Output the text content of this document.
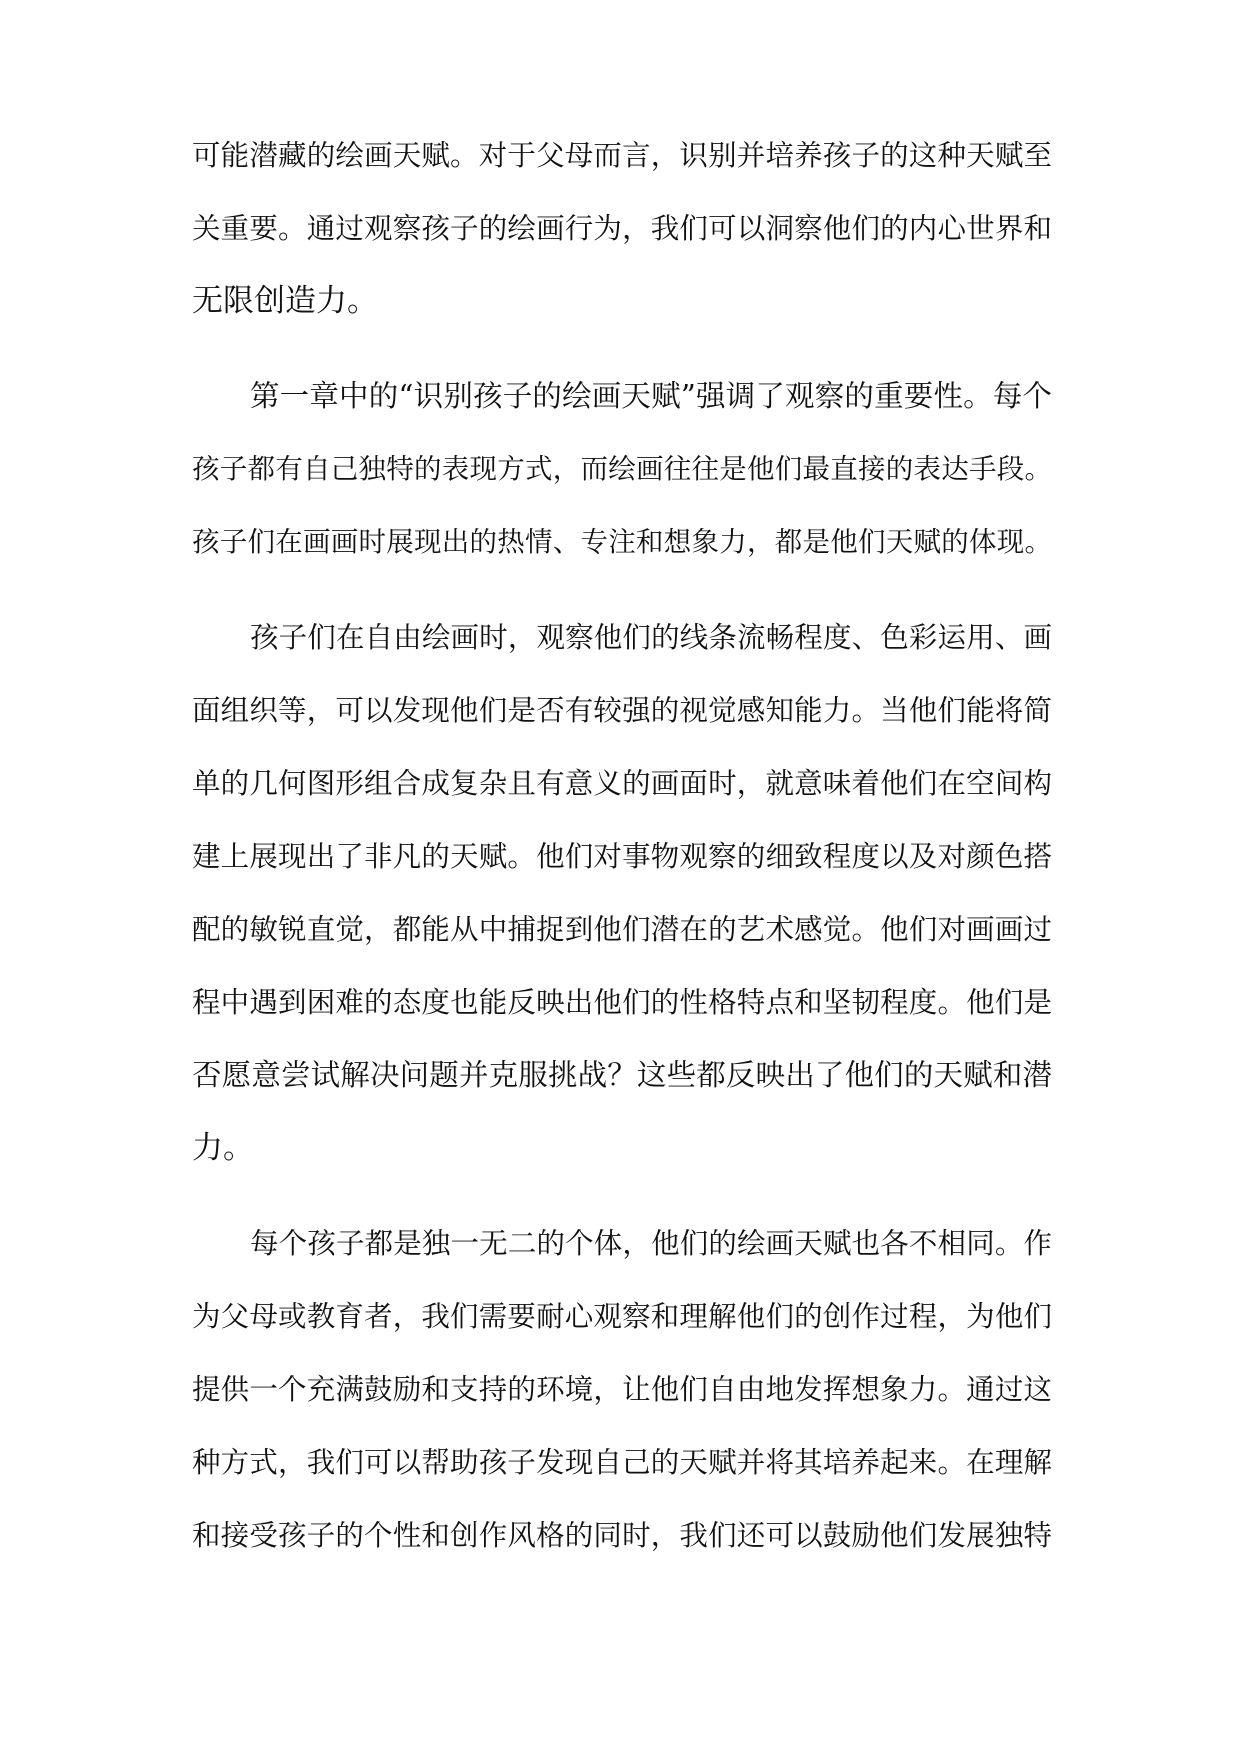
可能潜藏的绘画天赋。对于父母而言，识别并培养孩子的这种天赋至
关重要。通过观察孩子的绘画行为，我们可以洞察他们的内心世界和
无限创造力。
第一章中的“识别孩子的绘画天赋”强调了观察的重要性。每个
孩子都有自己独特的表现方式，而绘画往往是他们最直接的表达手段。
孩子们在画画时展现出的热情、专注和想象力，都是他们天赋的体现。
孩子们在自由绘画时，观察他们的线条流畅程度、色彩运用、画
面组织等，可以发现他们是否有较强的视觉感知能力。当他们能将简
单的几何图形组合成复杂且有意义的画面时，就意味着他们在空间构
建上展现出了非凡的天赋。他们对事物观察的细致程度以及对颜色搭
配的敏锐直觉，都能从中捕捉到他们潜在的艺术感觉。他们对画画过
程中遇到困难的态度也能反映出他们的性格特点和坚韧程度。他们是
否愿意尝试解决问题并克服挑战？这些都反映出了他们的天赋和潜
力。
每个孩子都是独一无二的个体，他们的绘画天赋也各不相同。作
为父母或教育者，我们需要耐心观察和理解他们的创作过程，为他们
提供一个充满鼓励和支持的环境，让他们自由地发挥想象力。通过这
种方式，我们可以帮助孩子发现自己的天赋并将其培养起来。在理解
和接受孩子的个性和创作风格的同时，我们还可以鼓励他们发展独特
